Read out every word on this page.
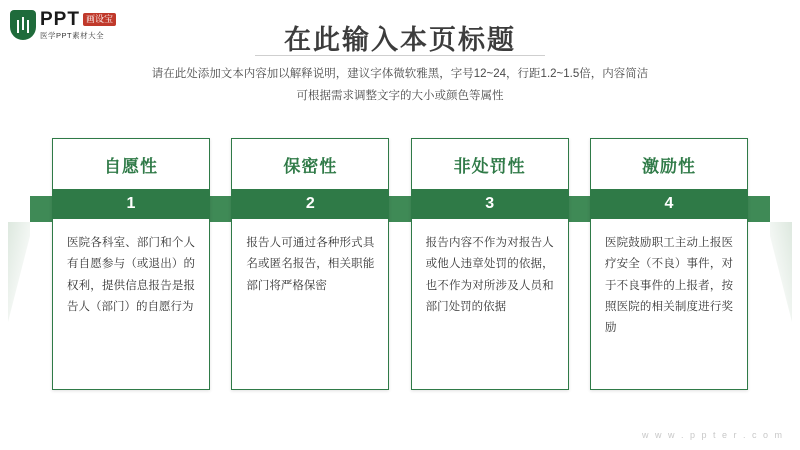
PPT 画设宝
医学PPT素材大全	在此输入本页标题
请在此处添加文本内容加以解释说明，建议字体微软雅黑，字号12~24，行距1.2~1.5倍，内容简洁
可根据需求调整文字的大小或颜色等属性
自愿性
1
医院各科室、部门和个人有自愿参与（或退出）的权利，提供信息报告是报告人（部门）的自愿行为
保密性
2
报告人可通过各种形式具名或匿名报告，相关职能部门将严格保密
非处罚性
3
报告内容不作为对报告人或他人违章处罚的依据，也不作为对所涉及人员和部门处罚的依据
激励性
4
医院鼓励职工主动上报医疗安全（不良）事件，对于不良事件的上报者，按照医院的相关制度进行奖励
w w w . p p t e r . c o m
